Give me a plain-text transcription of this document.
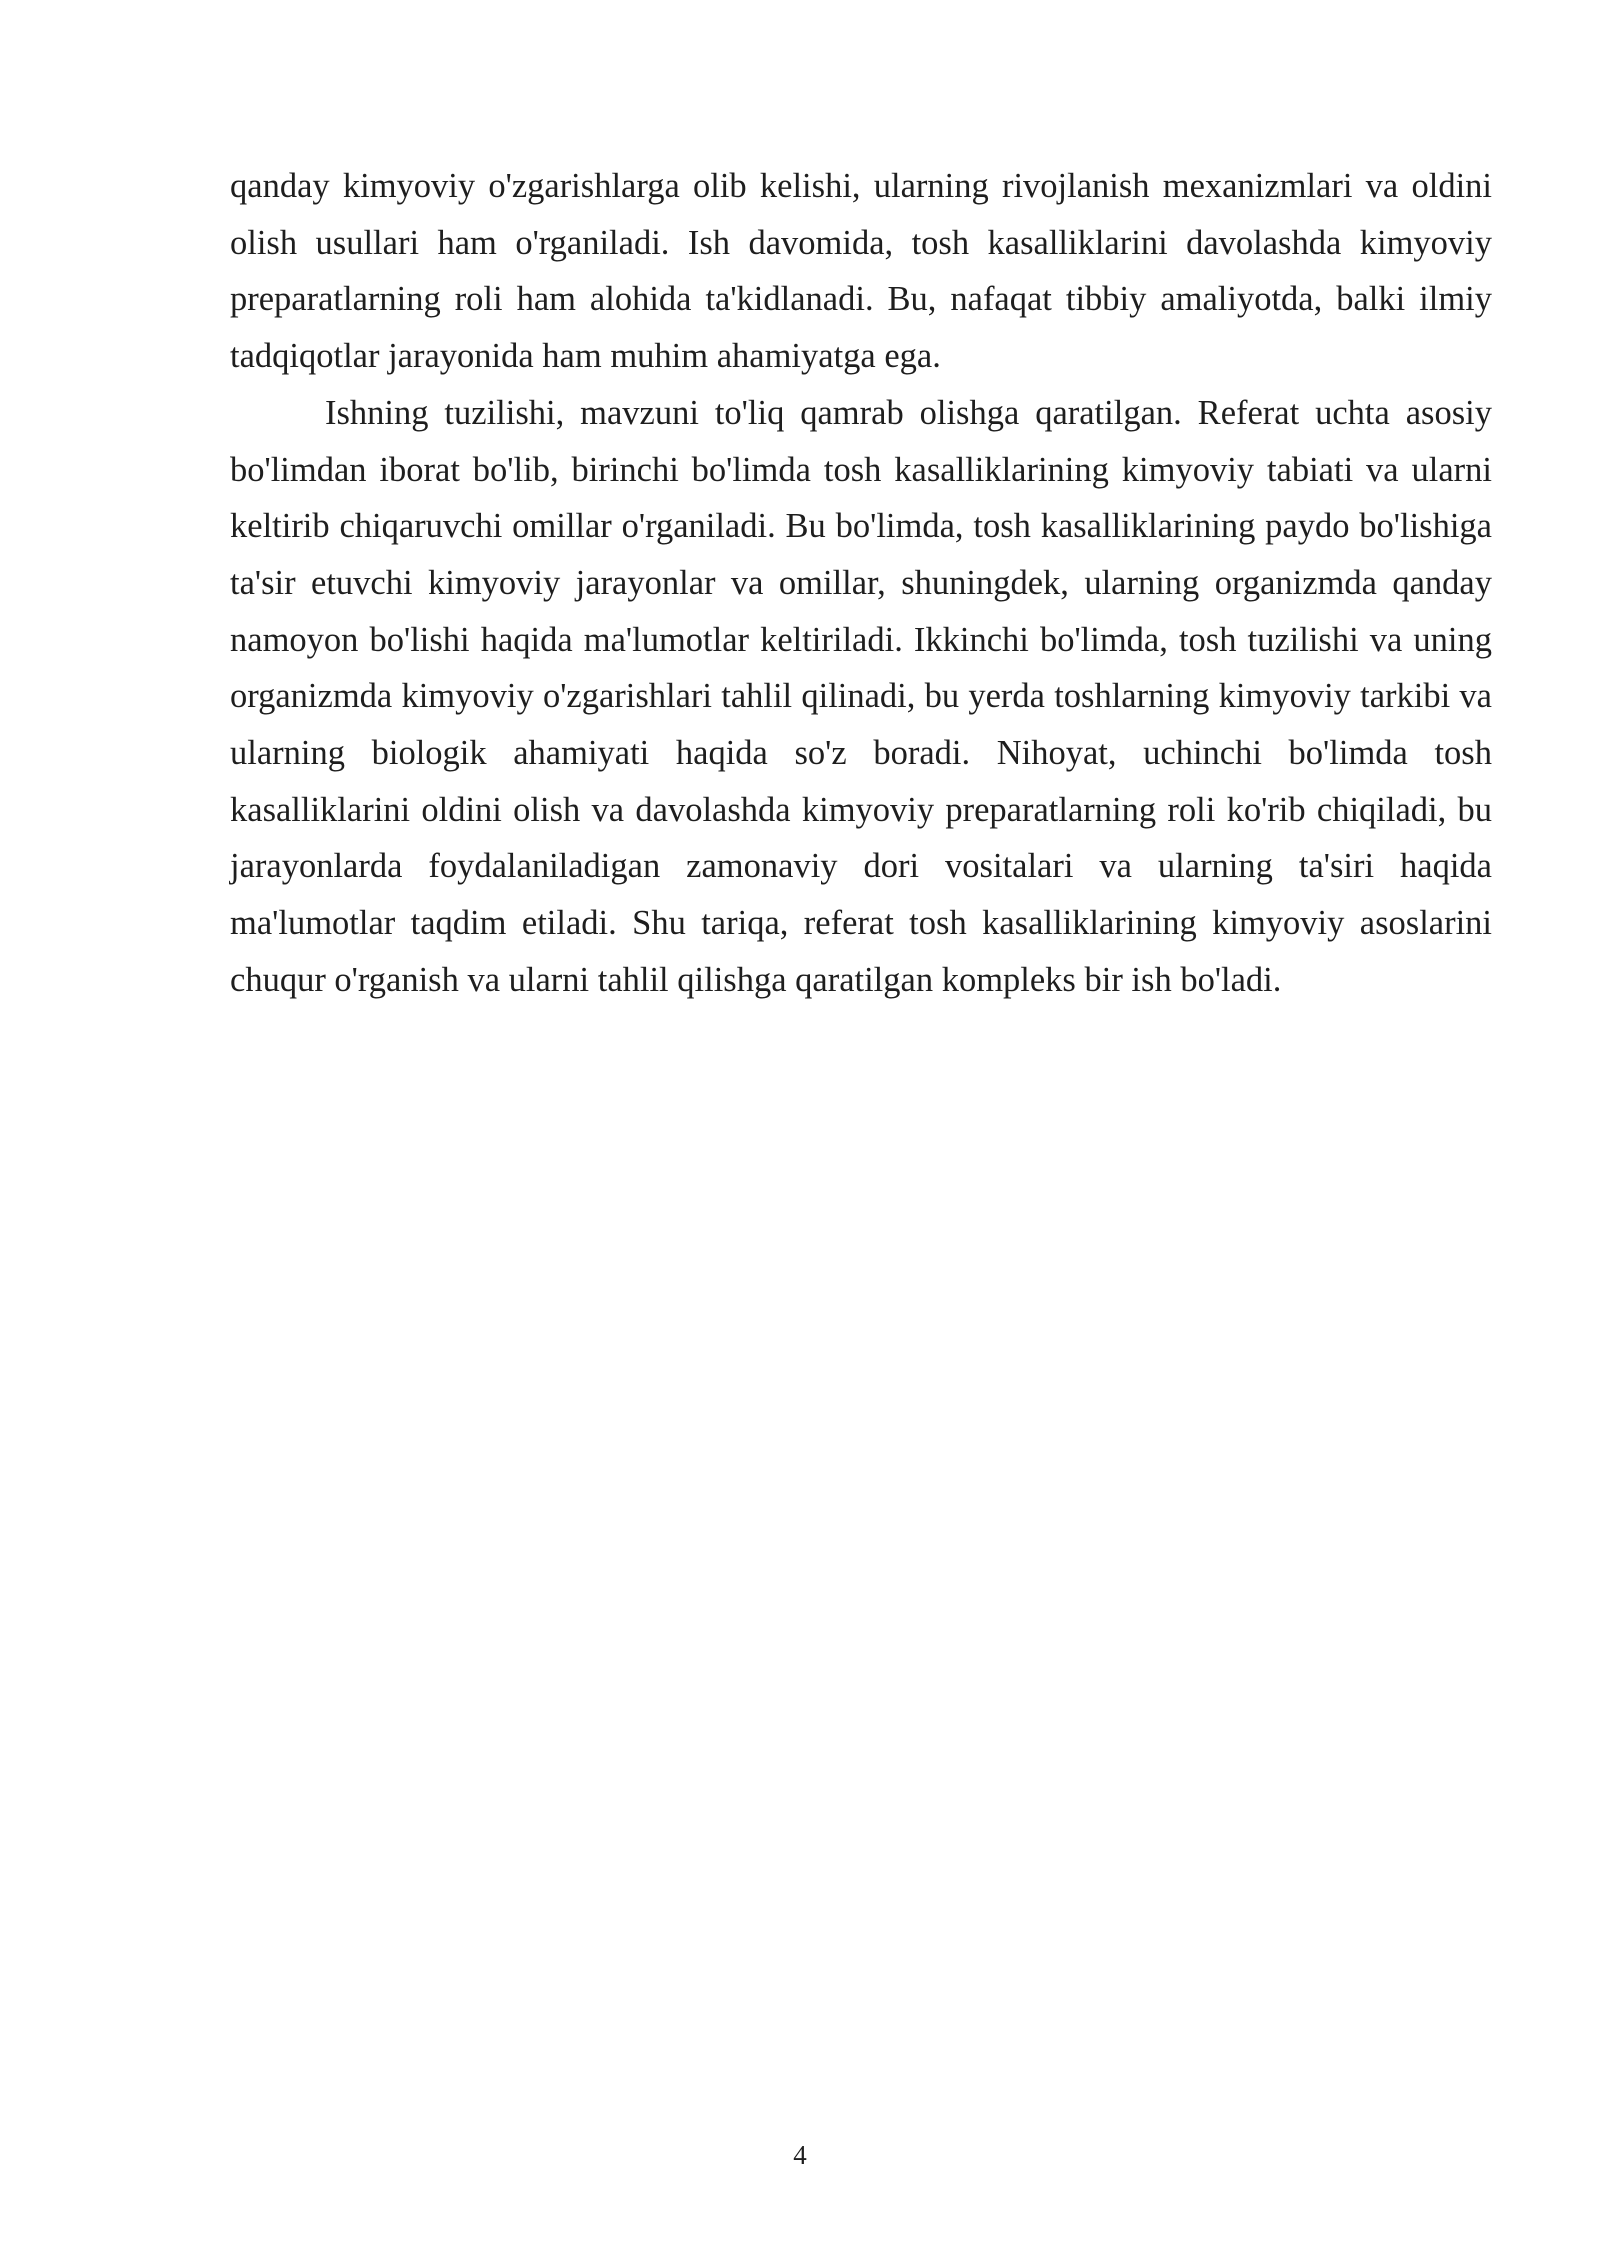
qanday kimyoviy o'zgarishlarga olib kelishi, ularning rivojlanish mexanizmlari va oldini olish usullari ham o'rganiladi. Ish davomida, tosh kasalliklarini davolashda kimyoviy preparatlarning roli ham alohida ta'kidlanadi. Bu, nafaqat tibbiy amaliyotda, balki ilmiy tadqiqotlar jarayonida ham muhim ahamiyatga ega.

Ishning tuzilishi, mavzuni to'liq qamrab olishga qaratilgan. Referat uchta asosiy bo'limdan iborat bo'lib, birinchi bo'limda tosh kasalliklarining kimyoviy tabiati va ularni keltirib chiqaruvchi omillar o'rganiladi. Bu bo'limda, tosh kasalliklarining paydo bo'lishiga ta'sir etuvchi kimyoviy jarayonlar va omillar, shuningdek, ularning organizmda qanday namoyon bo'lishi haqida ma'lumotlar keltiriladi. Ikkinchi bo'limda, tosh tuzilishi va uning organizmda kimyoviy o'zgarishlari tahlil qilinadi, bu yerda toshlarning kimyoviy tarkibi va ularning biologik ahamiyati haqida so'z boradi. Nihoyat, uchinchi bo'limda tosh kasalliklarini oldini olish va davolashda kimyoviy preparatlarning roli ko'rib chiqiladi, bu jarayonlarda foydalaniladigan zamonaviy dori vositalari va ularning ta'siri haqida ma'lumotlar taqdim etiladi. Shu tariqa, referat tosh kasalliklarining kimyoviy asoslarini chuqur o'rganish va ularni tahlil qilishga qaratilgan kompleks bir ish bo'ladi.

4
